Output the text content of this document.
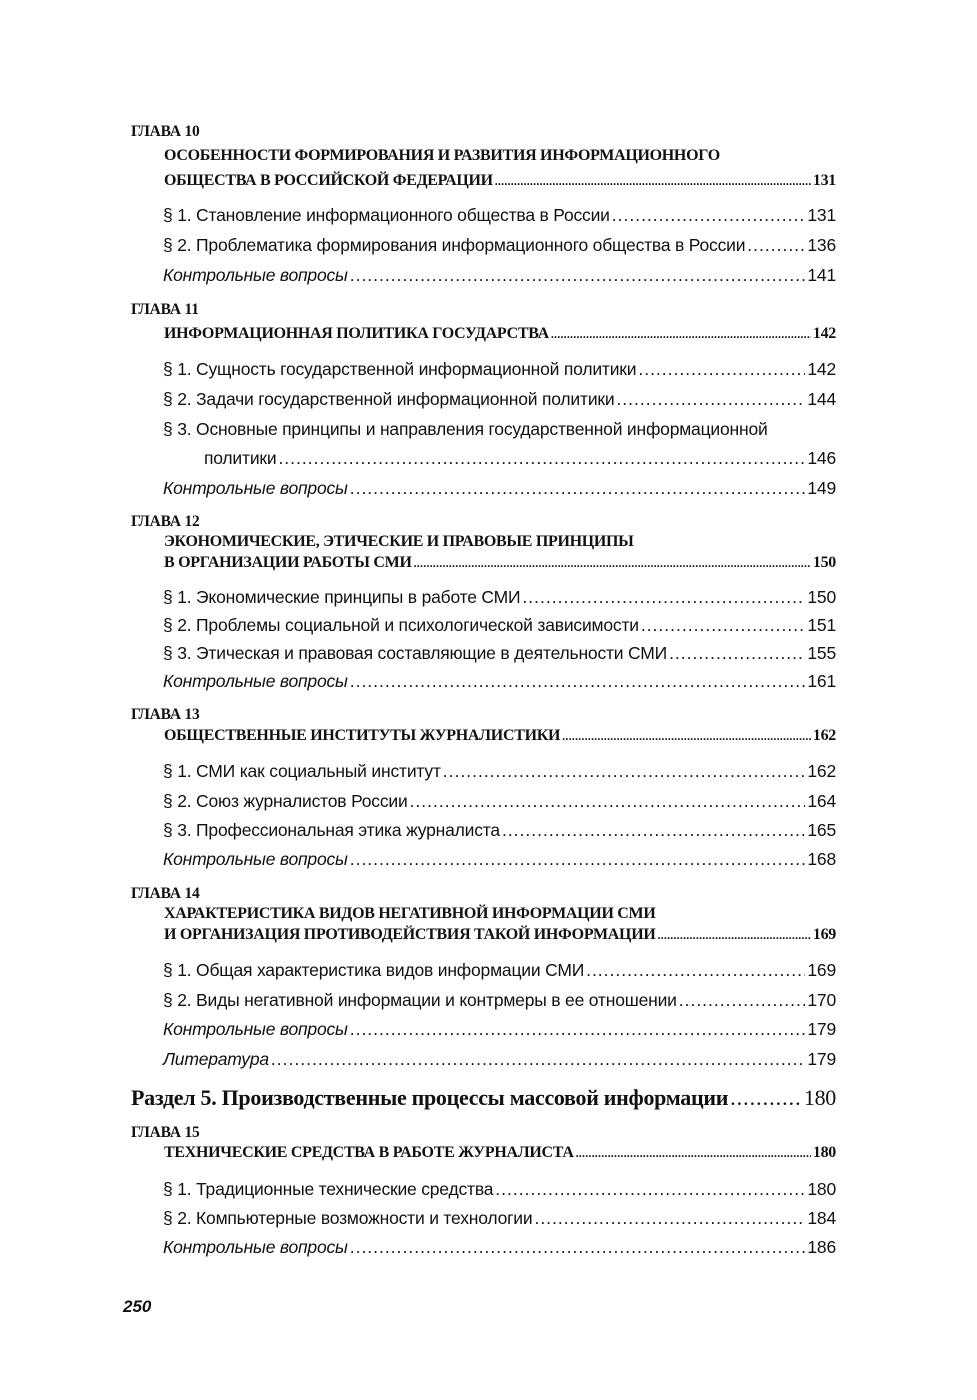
ГЛАВА 10
ОСОБЕННОСТИ ФОРМИРОВАНИЯ И РАЗВИТИЯ ИНФОРМАЦИОННОГО
ОБЩЕСТВА В РОССИЙСКОЙ ФЕДЕРАЦИИ .....	131
§ 1. Становление информационного общества в России .....	131
§ 2. Проблематика формирования информационного общества в России .....	136
Контрольные вопросы .....	141
ГЛАВА 11
ИНФОРМАЦИОННАЯ ПОЛИТИКА ГОСУДАРСТВА .....	142
§ 1. Сущность государственной информационной политики .....	142
§ 2. Задачи государственной информационной политики .....	144
§ 3. Основные принципы и направления государственной информационной
политики .....	146
Контрольные вопросы .....	149
ГЛАВА 12
ЭКОНОМИЧЕСКИЕ, ЭТИЧЕСКИЕ И ПРАВОВЫЕ ПРИНЦИПЫ
В ОРГАНИЗАЦИИ РАБОТЫ СМИ .....	150
§ 1. Экономические принципы в работе СМИ .....	150
§ 2. Проблемы социальной и психологической зависимости .....	151
§ 3. Этическая и правовая составляющие в деятельности СМИ .....	155
Контрольные вопросы .....	161
ГЛАВА 13
ОБЩЕСТВЕННЫЕ ИНСТИТУТЫ ЖУРНАЛИСТИКИ .....	162
§ 1. СМИ как социальный институт .....	162
§ 2. Союз журналистов России .....	164
§ 3. Профессиональная этика журналиста .....	165
Контрольные вопросы .....	168
ГЛАВА 14
ХАРАКТЕРИСТИКА ВИДОВ НЕГАТИВНОЙ ИНФОРМАЦИИ СМИ
И ОРГАНИЗАЦИЯ ПРОТИВОДЕЙСТВИЯ ТАКОЙ ИНФОРМАЦИИ .....	169
§ 1. Общая характеристика видов информации СМИ .....	169
§ 2. Виды негативной информации и контрмеры в ее отношении .....	170
Контрольные вопросы .....	179
Литература .....	179
Раздел 5. Производственные процессы массовой информации .....	180
ГЛАВА 15
ТЕХНИЧЕСКИЕ СРЕДСТВА В РАБОТЕ ЖУРНАЛИСТА .....	180
§ 1. Традиционные технические средства .....	180
§ 2. Компьютерные возможности и технологии .....	184
Контрольные вопросы .....	186
250
